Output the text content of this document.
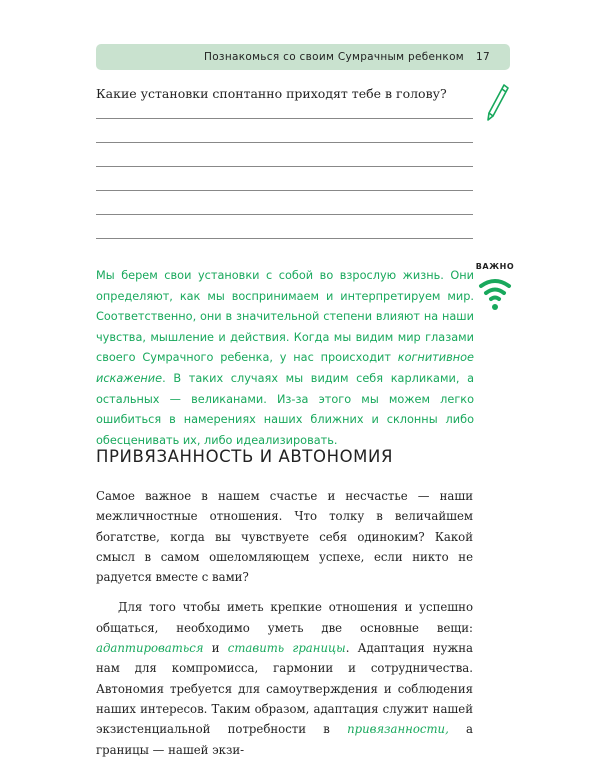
Познакомься со своим Сумрачным ребенком 17
Какие установки спонтанно приходят тебе в голову?
ВАЖНО

Мы берем свои установки с собой во взрослую жизнь. Они определяют, как мы воспринимаем и интерпретируем мир. Соответственно, они в значительной степени влияют на наши чувства, мышление и действия. Когда мы видим мир глазами своего Сумрачного ребенка, у нас происходит когнитивное искажение. В таких случаях мы видим себя карликами, а остальных — великанами. Из-за этого мы можем легко ошибиться в намерениях наших ближних и склонны либо обесценивать их, либо идеализировать.

ПРИВЯЗАННОСТЬ И АВТОНОМИЯ

Самое важное в нашем счастье и несчастье — наши межличностные отношения. Что толку в величайшем богатстве, когда вы чувствуете себя одиноким? Какой смысл в самом ошеломляющем успехе, если никто не радуется вместе с вами?

Для того чтобы иметь крепкие отношения и успешно общаться, необходимо уметь две основные вещи: адаптироваться и ставить границы. Адаптация нужна нам для компромисса, гармонии и сотрудничества. Автономия требуется для самоутверждения и соблюдения наших интересов. Таким образом, адаптация служит нашей экзистенциальной потребности в привязанности, а границы — нашей экзи-
